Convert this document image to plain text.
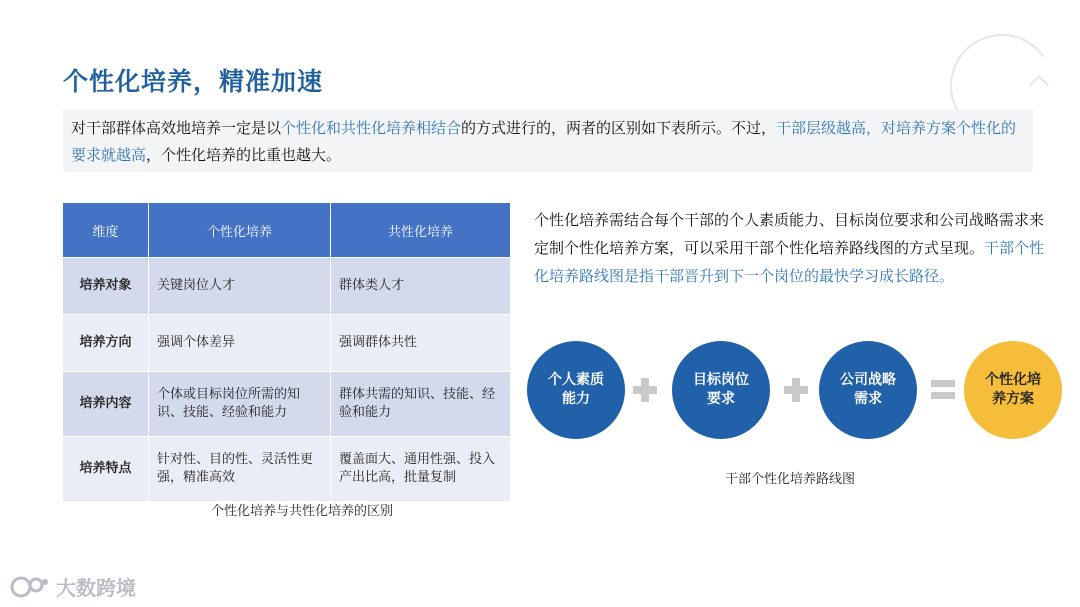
个性化培养，精准加速
对干部群体高效地培养一定是以个性化和共性化培养相结合的方式进行的，两者的区别如下表所示。不过，干部层级越高，对培养方案个性化的要求就越高，个性化培养的比重也越大。
维度	个性化培养	共性化培养
培养对象	关键岗位人才	群体类人才
培养方向	强调个体差异	强调群体共性
培养内容	个体或目标岗位所需的知识、技能、经验和能力	群体共需的知识、技能、经验和能力
培养特点	针对性、目的性、灵活性更强，精准高效	覆盖面大、通用性强、投入产出比高，批量复制
个性化培养与共性化培养的区别
个性化培养需结合每个干部的个人素质能力、目标岗位要求和公司战略需求来定制个性化培养方案，可以采用干部个性化培养路线图的方式呈现。干部个性化培养路线图是指干部晋升到下一个岗位的最快学习成长路径。
个人素质能力
目标岗位要求
公司战略需求
个性化培养方案
干部个性化培养路线图
大数跨境
